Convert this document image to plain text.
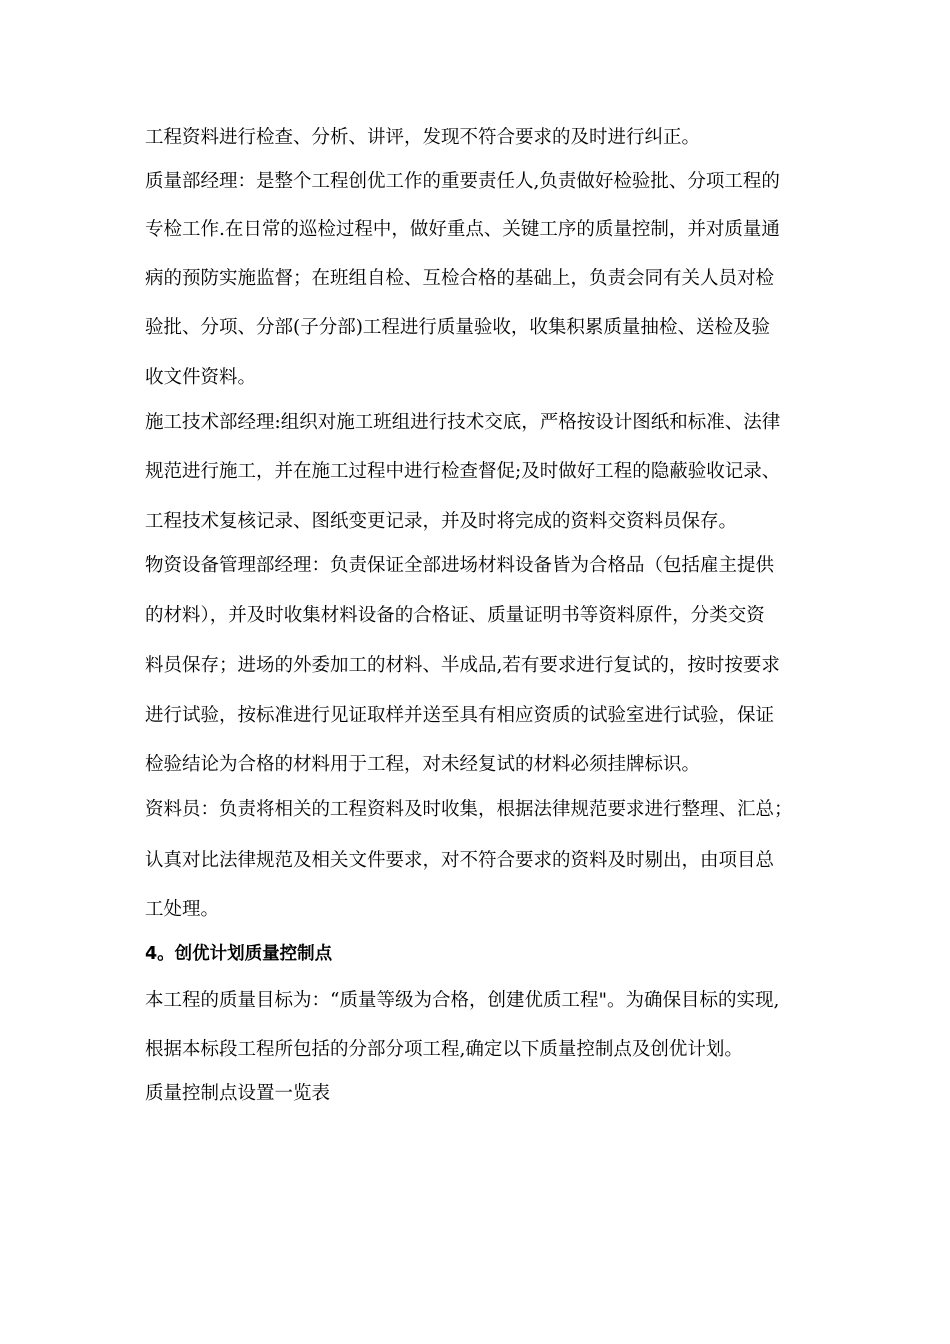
工程资料进行检查、分析、讲评，发现不符合要求的及时进行纠正。
质量部经理：是整个工程创优工作的重要责任人,负责做好检验批、分项工程的
专检工作.在日常的巡检过程中，做好重点、关键工序的质量控制，并对质量通
病的预防实施监督；在班组自检、互检合格的基础上，负责会同有关人员对检
验批、分项、分部(子分部)工程进行质量验收，收集积累质量抽检、送检及验
收文件资料。
施工技术部经理:组织对施工班组进行技术交底，严格按设计图纸和标准、法律
规范进行施工，并在施工过程中进行检查督促;及时做好工程的隐蔽验收记录、
工程技术复核记录、图纸变更记录，并及时将完成的资料交资料员保存。
物资设备管理部经理：负责保证全部进场材料设备皆为合格品（包括雇主提供
的材料），并及时收集材料设备的合格证、质量证明书等资料原件，分类交资
料员保存；进场的外委加工的材料、半成品,若有要求进行复试的，按时按要求
进行试验，按标准进行见证取样并送至具有相应资质的试验室进行试验，保证
检验结论为合格的材料用于工程，对未经复试的材料必须挂牌标识。
资料员：负责将相关的工程资料及时收集，根据法律规范要求进行整理、汇总；
认真对比法律规范及相关文件要求，对不符合要求的资料及时剔出，由项目总
工处理。
4。创优计划质量控制点
本工程的质量目标为：“质量等级为合格，创建优质工程"。为确保目标的实现,
根据本标段工程所包括的分部分项工程,确定以下质量控制点及创优计划。
质量控制点设置一览表
